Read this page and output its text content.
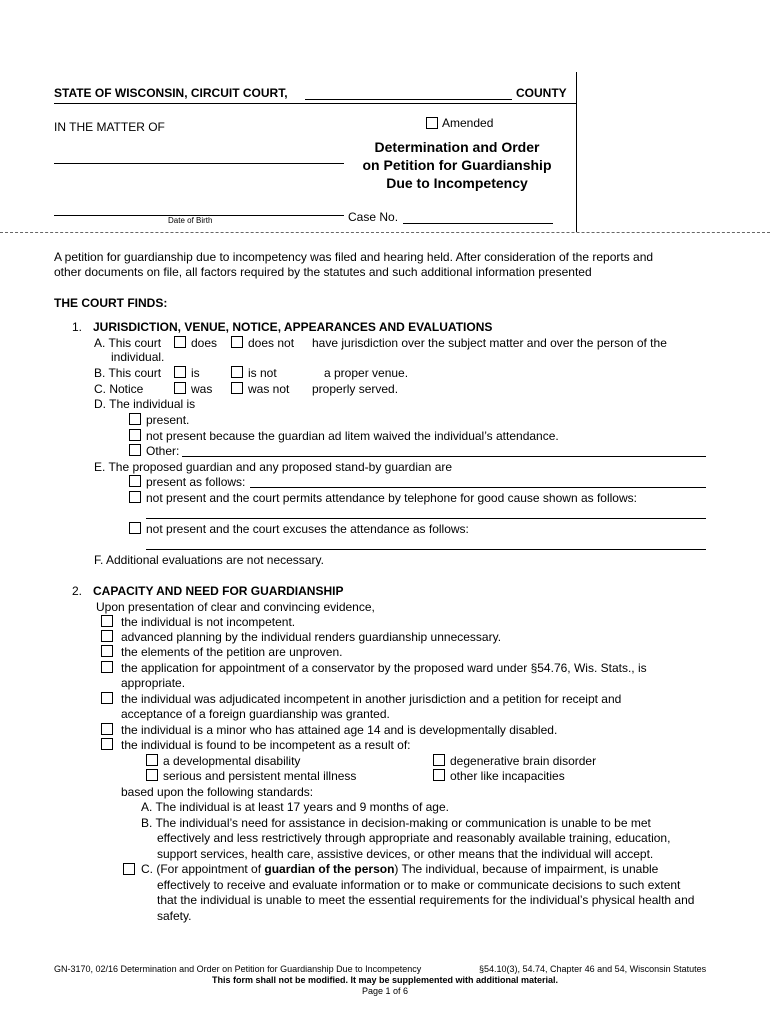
STATE OF WISCONSIN, CIRCUIT COURT,	COUNTY
IN THE MATTER OF
Date of Birth
Amended
Determination and Order
on Petition for Guardianship
Due to Incompetency
Case No.
A petition for guardianship due to incompetency was filed and hearing held. After consideration of the reports and
other documents on file, all factors required by the statutes and such additional information presented
THE COURT FINDS:
1. JURISDICTION, VENUE, NOTICE, APPEARANCES AND EVALUATIONS
A. This court does	does not have jurisdiction over the subject matter and over the person of the
individual.
B. This court is	is not	a proper venue.
C. Notice	was	was not properly served.
D. The individual is
present.
not present because the guardian ad litem waived the individual’s attendance.
Other:
E. The proposed guardian and any proposed stand-by guardian are
present as follows:
not present and the court permits attendance by telephone for good cause shown as follows:
not present and the court excuses the attendance as follows:
F. Additional evaluations are not necessary.
2. CAPACITY AND NEED FOR GUARDIANSHIP
Upon presentation of clear and convincing evidence,
the individual is not incompetent.
advanced planning by the individual renders guardianship unnecessary.
the elements of the petition are unproven.
the application for appointment of a conservator by the proposed ward under §54.76, Wis. Stats., is
appropriate.
the individual was adjudicated incompetent in another jurisdiction and a petition for receipt and
acceptance of a foreign guardianship was granted.
the individual is a minor who has attained age 14 and is developmentally disabled.
the individual is found to be incompetent as a result of:
a developmental disability	degenerative brain disorder
serious and persistent mental illness	other like incapacities
based upon the following standards:
A. The individual is at least 17 years and 9 months of age.
B. The individual’s need for assistance in decision-making or communication is unable to be met
effectively and less restrictively through appropriate and reasonably available training, education,
support services, health care, assistive devices, or other means that the individual will accept.
C. (For appointment of guardian of the person) The individual, because of impairment, is unable
effectively to receive and evaluate information or to make or communicate decisions to such extent
that the individual is unable to meet the essential requirements for the individual’s physical health and
safety.
GN-3170, 02/16 Determination and Order on Petition for Guardianship Due to Incompetency	§54.10(3), 54.74, Chapter 46 and 54, Wisconsin Statutes
This form shall not be modified. It may be supplemented with additional material.
Page 1 of 6
